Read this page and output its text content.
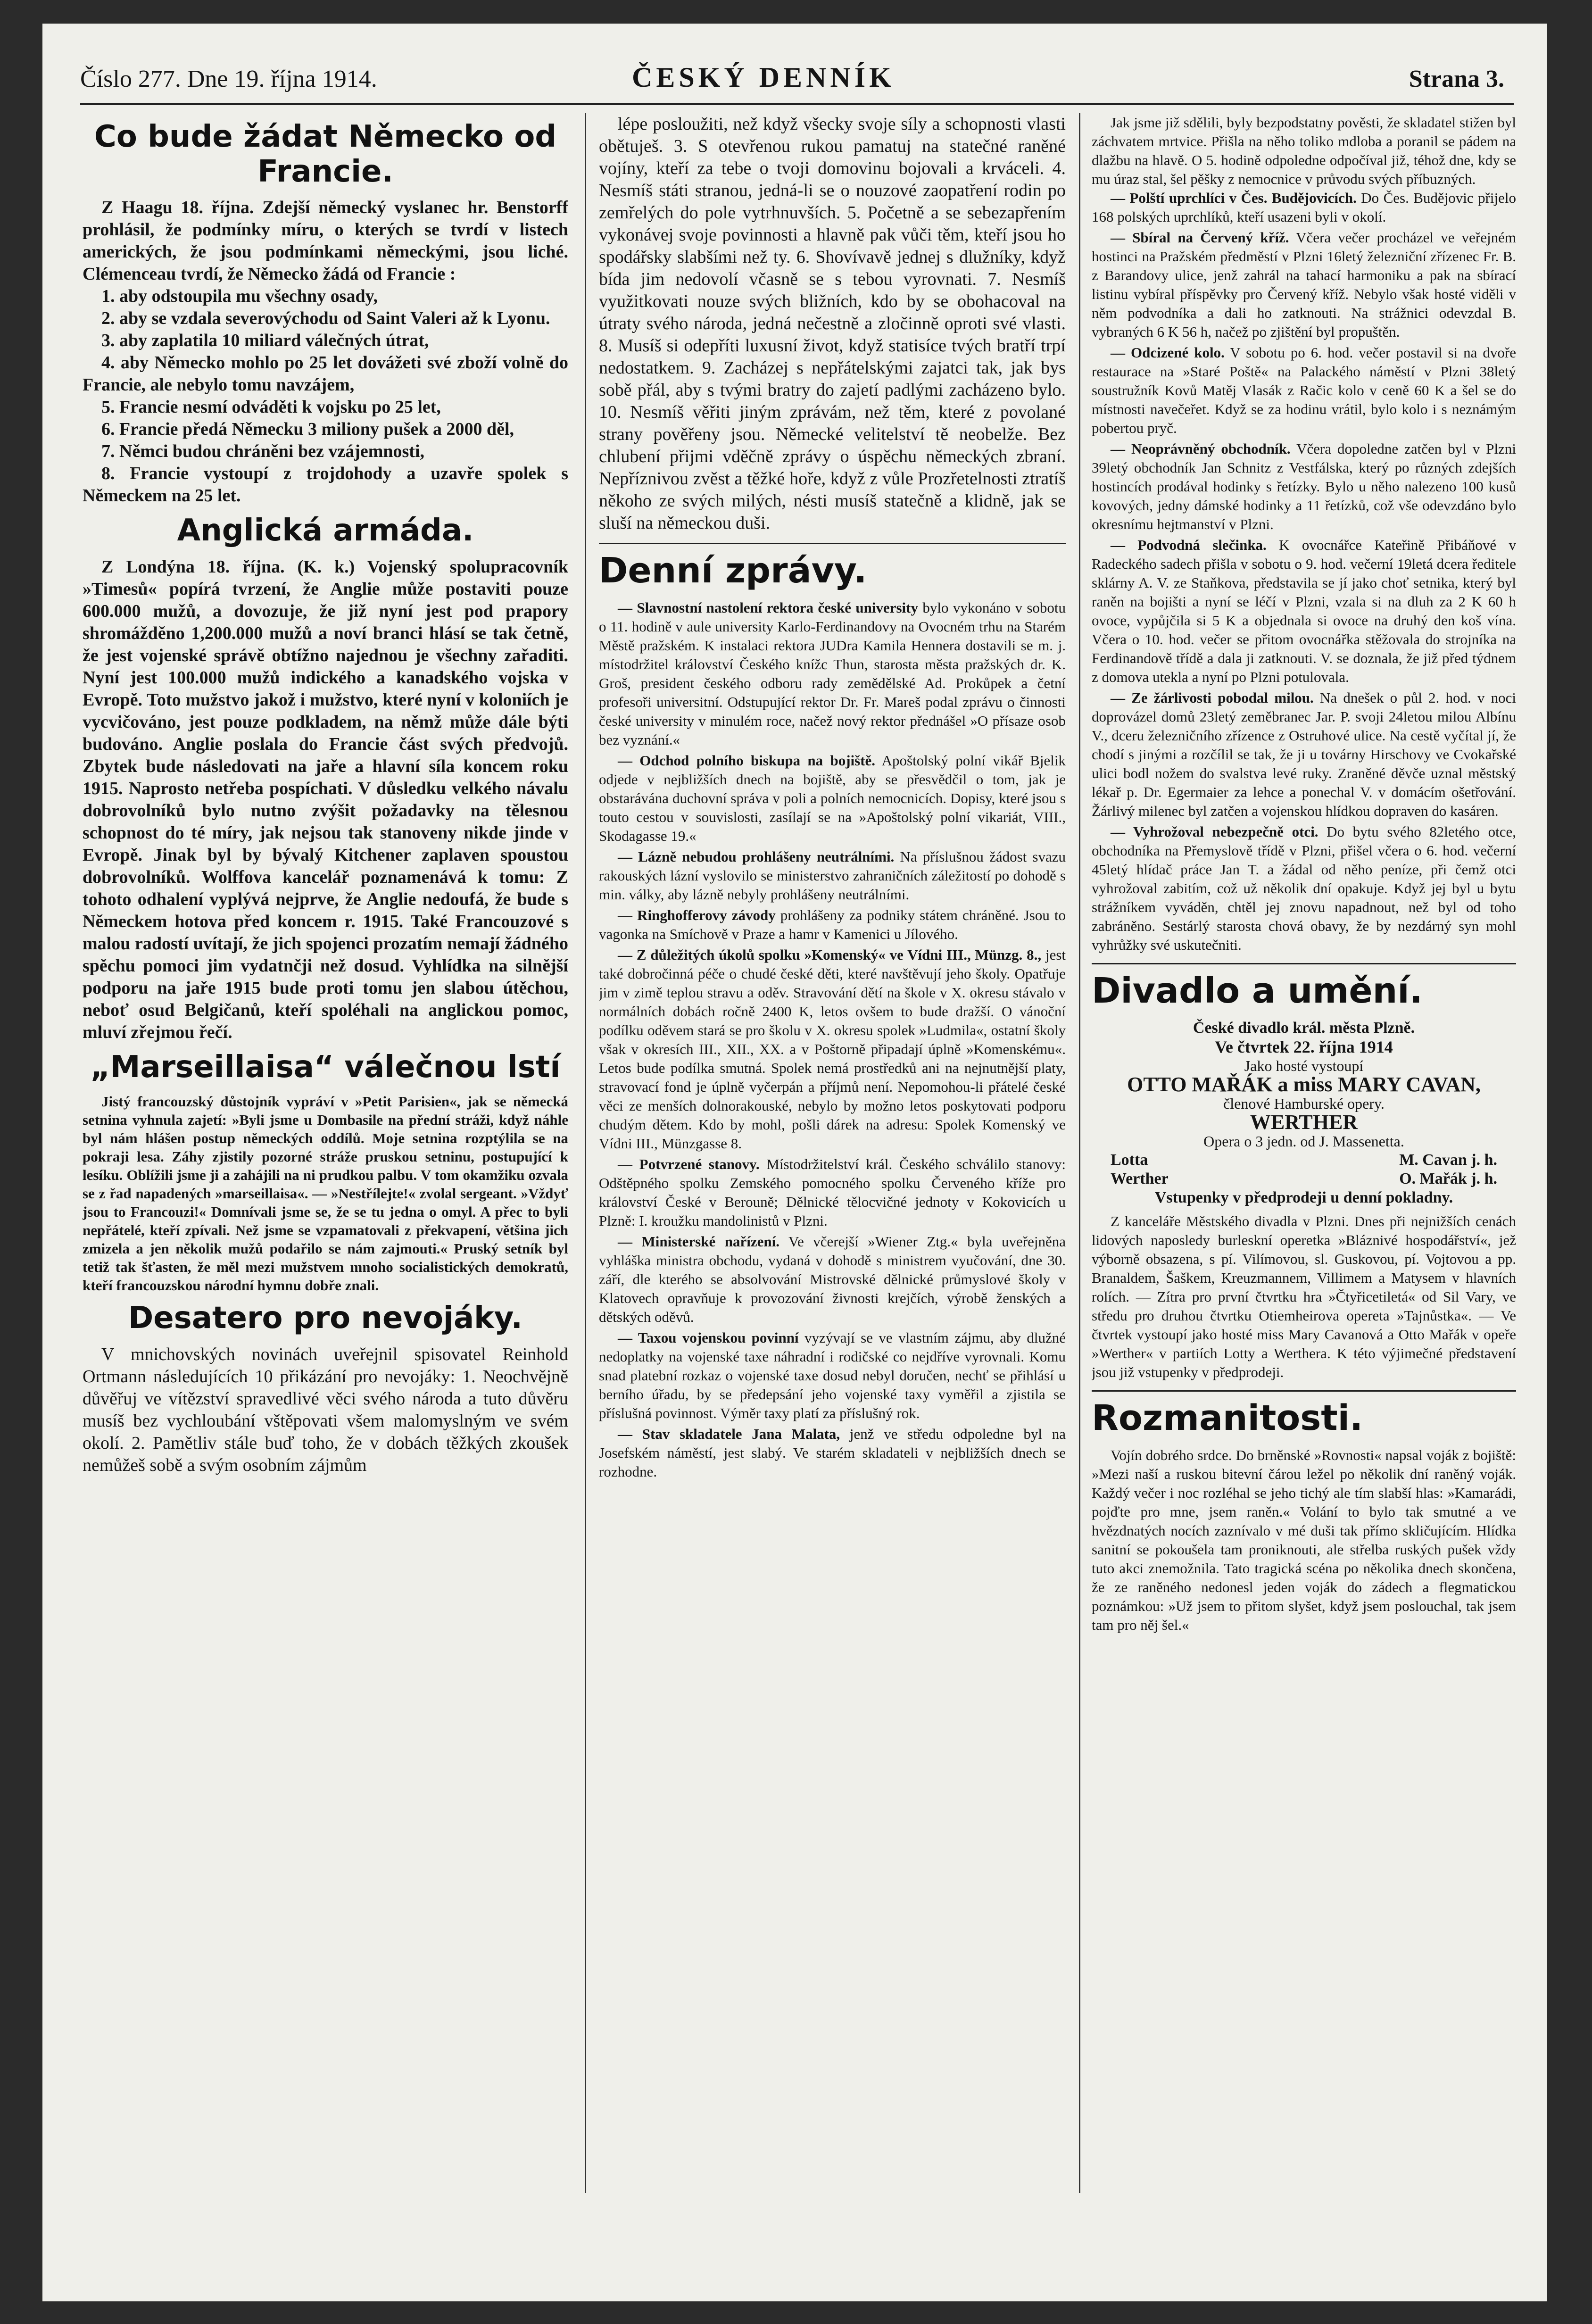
Číslo 277. Dne 19. října 1914.	ČESKÝ DENNÍK	Strana 3.
Co bude žádat Německo od Francie.

Z Haagu 18. října. Zdejší německý vyslanec hr. Benstorff prohlásil, že podmínky míru, o kterých se tvrdí v listech amerických, že jsou podmínkami německými, jsou liché. Clémenceau tvrdí, že Německo žádá od Francie :

1. aby odstoupila mu všechny osady,

2. aby se vzdala severovýchodu od Saint Valeri až k Lyonu.

3. aby zaplatila 10 miliard válečných útrat,

4. aby Německo mohlo po 25 let dovážeti své zboží volně do Francie, ale nebylo tomu navzájem,

5. Francie nesmí odváděti k vojsku po 25 let,

6. Francie předá Německu 3 miliony pušek a 2000 děl,

7. Němci budou chráněni bez vzájemnosti,

8. Francie vystoupí z trojdohody a uzavře spolek s Německem na 25 let.

Anglická armáda.

Z Londýna 18. října. (K. k.) Vojenský spolupracovník »Timesů« popírá tvrzení, že Anglie může postaviti pouze 600.000 mužů, a dovozuje, že již nyní jest pod prapory shromážděno 1,200.000 mužů a noví branci hlásí se tak četně, že jest vojenské správě obtížno najednou je všechny zařaditi. Nyní jest 100.000 mužů indického a kanadského vojska v Evropě. Toto mužstvo jakož i mužstvo, které nyní v koloniích je vycvičováno, jest pouze podkladem, na němž může dále býti budováno. Anglie poslala do Francie část svých předvojů. Zbytek bude následovati na jaře a hlavní síla koncem roku 1915. Naprosto netřeba pospíchati. V důsledku velkého návalu dobrovolníků bylo nutno zvýšit požadavky na tělesnou schopnost do té míry, jak nejsou tak stanoveny nikde jinde v Evropě. Jinak byl by bývalý Kitchener zaplaven spoustou dobrovolníků. Wolffova kancelář poznamenává k tomu: Z tohoto odhalení vyplývá nejprve, že Anglie nedoufá, že bude s Německem hotova před koncem r. 1915. Také Francouzové s malou radostí uvítají, že jich spojenci prozatím nemají žádného spěchu pomoci jim vydatnčji než dosud. Vyhlídka na silnější podporu na jaře 1915 bude proti tomu jen slabou útěchou, neboť osud Belgičanů, kteří spoléhali na anglickou pomoc, mluví zřejmou řečí.

„Marseillaisa“ válečnou lstí

Jistý francouzský důstojník vypráví v »Petit Parisien«, jak se německá setnina vyhnula zajetí: »Byli jsme u Dombasile na přední stráži, když náhle byl nám hlášen postup německých oddílů. Moje setnina rozptýlila se na pokraji lesa. Záhy zjistily pozorné stráže pruskou setninu, postupující k lesíku. Oblížili jsme ji a zahájili na ni prudkou palbu. V tom okamžiku ozvala se z řad napadených »marseillaisa«. — »Nestřílejte!« zvolal sergeant. »Vždyť jsou to Francouzi!« Domnívali jsme se, že se tu jedna o omyl. A přec to byli nepřátelé, kteří zpívali. Než jsme se vzpamatovali z překvapení, většina jich zmizela a jen několik mužů podařilo se nám zajmouti.« Pruský setník byl tetiž tak šťasten, že měl mezi mužstvem mnoho socialistických demokratů, kteří francouzskou národní hymnu dobře znali.

Desatero pro nevojáky.

V mnichovských novinách uveřejnil spisovatel Reinhold Ortmann následujících 10 přikázání pro nevojáky: 1. Neochvějně důvěřuj ve vítězství spravedlivé věci svého národa a tuto důvěru musíš bez vychloubání vštěpovati všem malomyslným ve svém okolí. 2. Pamětliv stále buď toho, že v dobách těžkých zkoušek nemůžeš sobě a svým osobním zájmům

lépe posloužiti, než když všecky svoje síly a schopnosti vlasti obětuješ. 3. S otevřenou rukou pamatuj na statečné raněné vojíny, kteří za tebe o tvoji domovinu bojovali a krváceli. 4. Nesmíš státi stranou, jedná-li se o nouzové zaopatření rodin po zemřelých do pole vytrhnuvších. 5. Početně a se sebezapřením vykonávej svoje povinnosti a hlavně pak vůči těm, kteří jsou ho spodářsky slabšími než ty. 6. Shovívavě jednej s dlužníky, když bída jim nedovolí včasně se s tebou vyrovnati. 7. Nesmíš využitkovati nouze svých bližních, kdo by se obohacoval na útraty svého národa, jedná nečestně a zločinně oproti své vlasti. 8. Musíš si odepříti luxusní život, když statisíce tvých bratří trpí nedostatkem. 9. Zacházej s nepřátelskými zajatci tak, jak bys sobě přál, aby s tvými bratry do zajetí padlými zacházeno bylo. 10. Nesmíš věřiti jiným zprávám, než těm, které z povolané strany pověřeny jsou. Německé velitelství tě neobelže. Bez chlubení přijmi vděčně zprávy o úspěchu německých zbraní. Nepříznivou zvěst a těžké hoře, když z vůle Prozřetelnosti ztratíš někoho ze svých milých, nésti musíš statečně a klidně, jak se sluší na německou duši.

Denní zprávy.

— Slavnostní nastolení rektora české university bylo vykonáno v sobotu o 11. hodině v aule university Karlo-Ferdinandovy na Ovocném trhu na Starém Městě pražském. K instalaci rektora JUDra Kamila Hennera dostavili se m. j. místodržitel království Českého knížc Thun, starosta města pražských dr. K. Groš, president českého odboru rady zemědělské Ad. Prokůpek a četní profesoři universitní. Odstupující rektor Dr. Fr. Mareš podal zprávu o činnosti české university v minulém roce, načež nový rektor přednášel »O přísaze osob bez vyznání.«

— Odchod polního biskupa na bojiště. Apoštolský polní vikář Bjelik odjede v nejbližších dnech na bojiště, aby se přesvědčil o tom, jak je obstarávána duchovní správa v poli a polních nemocnicích. Dopisy, které jsou s touto cestou v souvislosti, zasílají se na »Apoštolský polní vikariát, VIII., Skodagasse 19.«

— Lázně nebudou prohlášeny neutrálními. Na příslušnou žádost svazu rakouských lázní vyslovilo se ministerstvo zahraničních záležitostí po dohodě s min. války, aby lázně nebyly prohlášeny neutrálními.

— Ringhofferovy závody prohlášeny za podniky státem chráněné. Jsou to vagonka na Smíchově v Praze a hamr v Kamenici u Jílového.

— Z důležitých úkolů spolku »Komenský« ve Vídni III., Münzg. 8., jest také dobročinná péče o chudé české děti, které navštěvují jeho školy. Opatřuje jim v zimě teplou stravu a oděv. Stravování dětí na škole v X. okresu stávalo v normálních dobách ročně 2400 K, letos ovšem to bude dražší. O vánoční podílku oděvem stará se pro školu v X. okresu spolek »Ludmila«, ostatní školy však v okresích III., XII., XX. a v Poštorně připadají úplně »Komenskému«. Letos bude podílka smutná. Spolek nemá prostředků ani na nejnutnější platy, stravovací fond je úplně vyčerpán a příjmů není. Nepomohou-li přátelé české věci ze menších dolnorakouské, nebylo by možno letos poskytovati podporu chudým dětem. Kdo by mohl, pošli dárek na adresu: Spolek Komenský ve Vídni III., Münzgasse 8.

— Potvrzené stanovy. Místodržitelství král. Českého schválilo stanovy: Odštěpného spolku Zemského pomocného spolku Červeného kříže pro království České v Berouně; Dělnické tělocvičné jednoty v Kokovicích u Plzně: I. kroužku mandolinistů v Plzni.

— Ministerské nařízení. Ve včerejší »Wiener Ztg.« byla uveřejněna vyhláška ministra obchodu, vydaná v dohodě s ministrem vyučování, dne 30. září, dle kterého se absolvování Mistrovské dělnické průmyslové školy v Klatovech opravňuje k provozování živnosti krejčích, výrobě ženských a dětských oděvů.

— Taxou vojenskou povinní vyzývají se ve vlastním zájmu, aby dlužné nedoplatky na vojenské taxe náhradní i rodičské co nejdříve vyrovnali. Komu snad platební rozkaz o vojenské taxe dosud nebyl doručen, nechť se přihlásí u berního úřadu, by se předepsání jeho vojenské taxy vyměřil a zjistila se příslušná povinnost. Výměr taxy platí za příslušný rok.

— Stav skladatele Jana Malata, jenž ve středu odpoledne byl na Josefském náměstí, jest slabý. Ve starém skladateli v nejbližších dnech se rozhodne.

Jak jsme již sdělili, byly bezpodstatny pověsti, že skladatel stižen byl záchvatem mrtvice. Přišla na něho toliko mdloba a poranil se pádem na dlažbu na hlavě. O 5. hodině odpoledne odpočíval již, téhož dne, kdy se mu úraz stal, šel pěšky z nemocnice v průvodu svých příbuzných.

— Polští uprchlíci v Čes. Budějovicích. Do Čes. Budějovic přijelo 168 polských uprchlíků, kteří usazeni byli v okolí.

— Sbíral na Červený kříž. Včera večer procházel ve veřejném hostinci na Pražském předměstí v Plzni 16letý železniční zřízenec Fr. B. z Barandovy ulice, jenž zahrál na tahací harmoniku a pak na sbírací listinu vybíral příspěvky pro Červený kříž. Nebylo však hosté viděli v něm podvodníka a dali ho zatknouti. Na strážnici odevzdal B. vybraných 6 K 56 h, načež po zjištění byl propuštěn.

— Odcizené kolo. V sobotu po 6. hod. večer postavil si na dvoře restaurace na »Staré Poště« na Palackého náměstí v Plzni 38letý soustružník Kovů Matěj Vlasák z Račic kolo v ceně 60 K a šel se do místnosti navečeřet. Když se za hodinu vrátil, bylo kolo i s neznámým pobertou pryč.

— Neoprávněný obchodník. Včera dopoledne zatčen byl v Plzni 39letý obchodník Jan Schnitz z Vestfálska, který po různých zdejších hostincích prodával hodinky s řetízky. Bylo u něho nalezeno 100 kusů kovových, jedny dámské hodinky a 11 řetízků, což vše odevzdáno bylo okresnímu hejtmanství v Plzni.

— Podvodná slečinka. K ovocnářce Kateřině Přibáňové v Radeckého sadech přišla v sobotu o 9. hod. večerní 19letá dcera ředitele sklárny A. V. ze Staňkova, představila se jí jako choť setnika, který byl raněn na bojišti a nyní se léčí v Plzni, vzala si na dluh za 2 K 60 h ovoce, vypůjčila si 5 K a objednala si ovoce na druhý den koš vína. Včera o 10. hod. večer se přitom ovocnářka stěžovala do strojníka na Ferdinandově třídě a dala ji zatknouti. V. se doznala, že již před týdnem z domova utekla a nyní po Plzni potulovala.

— Ze žárlivosti pobodal milou. Na dnešek o půl 2. hod. v noci doprovázel domů 23letý zeměbranec Jar. P. svoji 24letou milou Albínu V., dceru železničního zřízence z Ostruhové ulice. Na cestě vyčítal jí, že chodí s jinými a rozčílil se tak, že ji u továrny Hirschovy ve Cvokařské ulici bodl nožem do svalstva levé ruky. Zraněné děvče uznal městský lékař p. Dr. Egermaier za lehce a ponechal V. v domácím ošetřování. Žárlivý milenec byl zatčen a vojenskou hlídkou dopraven do kasáren.

— Vyhrožoval nebezpečně otci. Do bytu svého 82letého otce, obchodníka na Přemyslově třídě v Plzni, přišel včera o 6. hod. večerní 45letý hlídač práce Jan T. a žádal od něho peníze, při čemž otci vyhrožoval zabitím, což už několik dní opakuje. Když jej byl u bytu strážníkem vyváděn, chtěl jej znovu napadnout, než byl od toho zabráněno. Sestárlý starosta chová obavy, že by nezdárný syn mohl vyhrůžky své uskutečniti.

Divadlo a umění.
České divadlo král. města Plzně.
Ve čtvrtek 22. října 1914
Jako hosté vystoupí
OTTO MAŘÁK a miss MARY CAVAN,
členové Hamburské opery.
WERTHER
Opera o 3 jedn. od J. Massenetta.
Lotta	M. Cavan j. h.
Werther	O. Mařák j. h.
Vstupenky v předprodeji u denní pokladny.

Z kanceláře Městského divadla v Plzni. Dnes při nejnižších cenách lidových naposledy burleskní operetka »Bláznivé hospodářství«, jež výborně obsazena, s pí. Vilímovou, sl. Guskovou, pí. Vojtovou a pp. Branaldem, Šaškem, Kreuzmannem, Villimem a Matysem v hlavních rolích. — Zítra pro první čtvrtku hra »Čtyřicetiletá« od Sil Vary, ve středu pro druhou čtvrtku Otiemheirova opereta »Tajnůstka«. — Ve čtvrtek vystoupí jako hosté miss Mary Cavanová a Otto Mařák v opeře »Werther« v partiích Lotty a Werthera. K této výjimečné představení jsou již vstupenky v předprodeji.

Rozmanitosti.

Vojín dobrého srdce. Do brněnské »Rovnosti« napsal voják z bojiště: »Mezi naší a ruskou bitevní čárou ležel po několik dní raněný voják. Každý večer i noc rozléhal se jeho tichý ale tím slabší hlas: »Kamarádi, pojďte pro mne, jsem raněn.« Volání to bylo tak smutné a ve hvězdnatých nocích zaznívalo v mé duši tak přímo skličujícím. Hlídka sanitní se pokoušela tam proniknouti, ale střelba ruských pušek vždy tuto akci znemožnila. Tato tragická scéna po několika dnech skončena, že ze raněného nedonesl jeden voják do zádech a flegmatickou poznámkou: »Už jsem to přitom slyšet, když jsem poslouchal, tak jsem tam pro něj šel.«
